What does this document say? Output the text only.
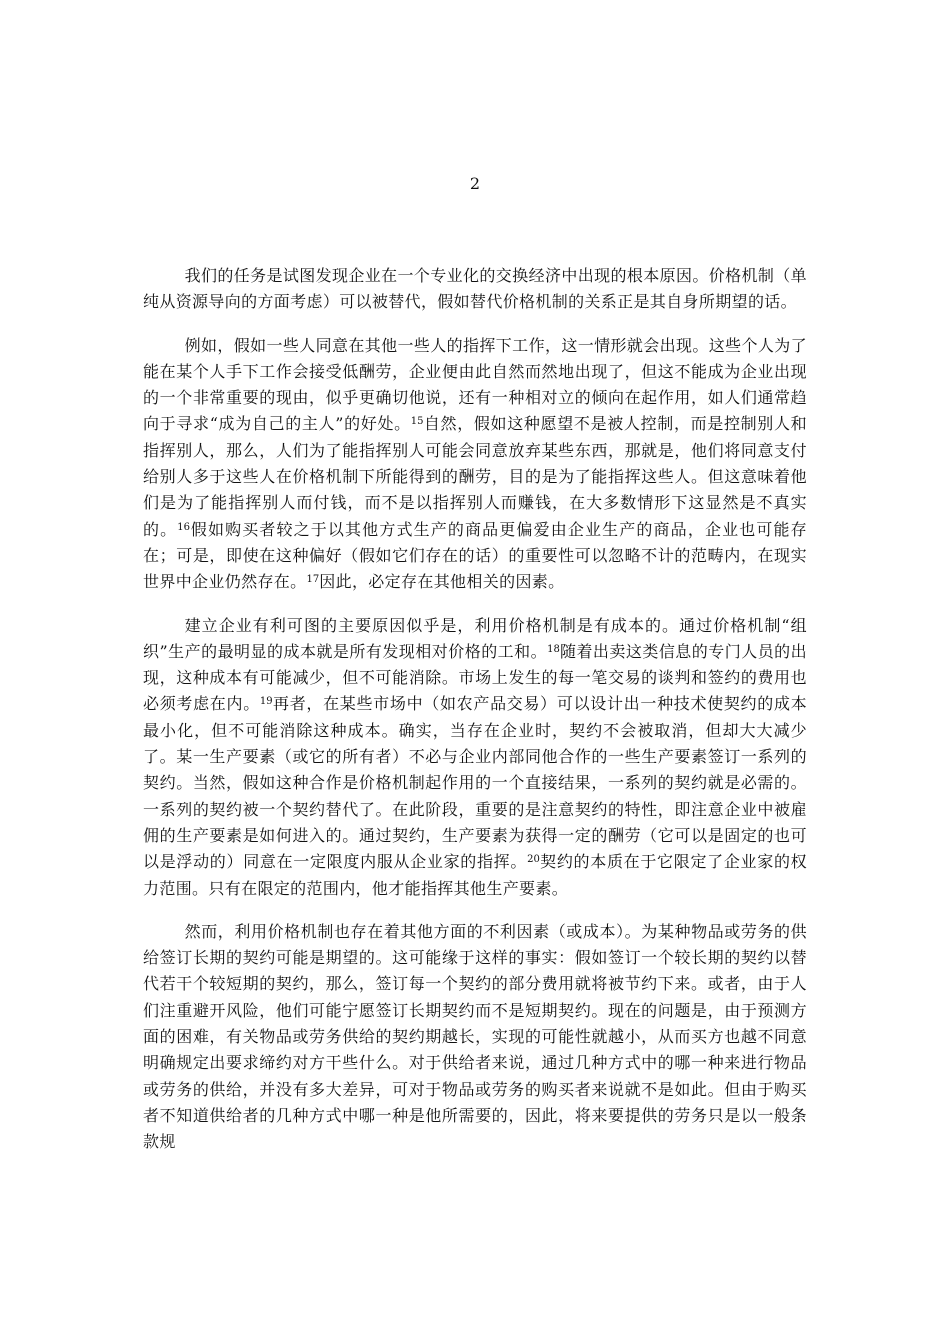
2

我们的任务是试图发现企业在一个专业化的交换经济中出现的根本原因。价格机制（单纯从资源导向的方面考虑）可以被替代，假如替代价格机制的关系正是其自身所期望的话。

例如，假如一些人同意在其他一些人的指挥下工作，这一情形就会出现。这些个人为了能在某个人手下工作会接受低酬劳，企业便由此自然而然地出现了，但这不能成为企业出现的一个非常重要的现由，似乎更确切他说，还有一种相对立的倾向在起作用，如人们通常趋向于寻求“成为自己的主人”的好处。$^{15}$自然，假如这种愿望不是被人控制，而是控制别人和指挥别人，那么，人们为了能指挥别人可能会同意放弃某些东西，那就是，他们将同意支付给别人多于这些人在价格机制下所能得到的酬劳，目的是为了能指挥这些人。但这意味着他们是为了能指挥别人而付钱，而不是以指挥别人而赚钱，在大多数情形下这显然是不真实的。$^{16}$假如购买者较之于以其他方式生产的商品更偏爱由企业生产的商品，企业也可能存在；可是，即使在这种偏好（假如它们存在的话）的重要性可以忽略不计的范畴内，在现实世界中企业仍然存在。$^{17}$因此，必定存在其他相关的因素。

建立企业有利可图的主要原因似乎是，利用价格机制是有成本的。通过价格机制“组织”生产的最明显的成本就是所有发现相对价格的工和。$^{18}$随着出卖这类信息的专门人员的出现，这种成本有可能减少，但不可能消除。市场上发生的每一笔交易的谈判和签约的费用也必须考虑在内。$^{19}$再者，在某些市场中（如农产品交易）可以设计出一种技术使契约的成本最小化，但不可能消除这种成本。确实，当存在企业时，契约不会被取消，但却大大减少了。某一生产要素（或它的所有者）不必与企业内部同他合作的一些生产要素签订一系列的契约。当然，假如这种合作是价格机制起作用的一个直接结果，一系列的契约就是必需的。一系列的契约被一个契约替代了。在此阶段，重要的是注意契约的特性，即注意企业中被雇佣的生产要素是如何进入的。通过契约，生产要素为获得一定的酬劳（它可以是固定的也可以是浮动的）同意在一定限度内服从企业家的指挥。$^{20}$契约的本质在于它限定了企业家的权力范围。只有在限定的范围内，他才能指挥其他生产要素。

然而，利用价格机制也存在着其他方面的不利因素（或成本）。为某种物品或劳务的供给签订长期的契约可能是期望的。这可能缘于这样的事实：假如签订一个较长期的契约以替代若干个较短期的契约，那么，签订每一个契约的部分费用就将被节约下来。或者，由于人们注重避开风险，他们可能宁愿签订长期契约而不是短期契约。现在的问题是，由于预测方面的困难，有关物品或劳务供给的契约期越长，实现的可能性就越小，从而买方也越不同意明确规定出要求缔约对方干些什么。对于供给者来说，通过几种方式中的哪一种来进行物品或劳务的供给，并没有多大差异，可对于物品或劳务的购买者来说就不是如此。但由于购买者不知道供给者的几种方式中哪一种是他所需要的，因此，将来要提供的劳务只是以一般条款规
